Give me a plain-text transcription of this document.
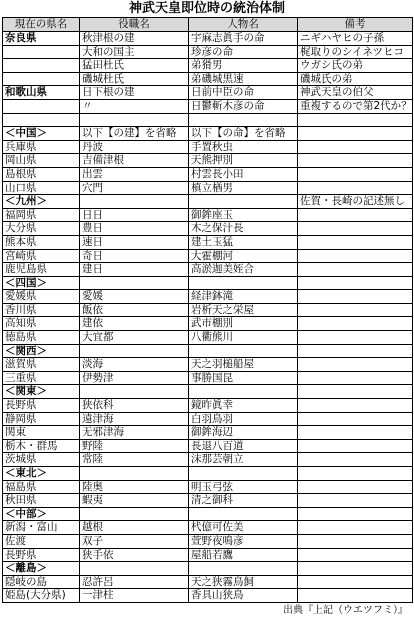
神武天皇即位時の統治体制
現在の県名	役職名	人物名	備考
奈良県	秋津根の建	宇麻志眞手の命	ニギハヤヒの子孫
	大和の国主	珍彦の命	梶取りのシイネツヒコ
	猛田杜氏	弟猾男	ウガシ氏の弟
	磯城杜氏	弟磯城黒速	磯城氏の弟
和歌山県	日下根の建	日前中臣の命	神武天皇の伯父
	〃	日鬱斬木彦の命	重複するので第2代か？

＜中国＞	以下【の建】を省略	以下【の命】を省略	
兵庫県	丹波	手置秋虫	
岡山県	吉備津根	天熊押別	
島根県	出雲	村雲長小田	
山口県	穴門	槙立楢男	
＜九州＞			佐賀・長崎の記述無し
福岡県	日日	御鉾座玉	
大分県	豊日	木之保汁長	
熊本県	速日	建土玉猛	
宮崎県	奇日	大霍棚河	
鹿児島県	建日	高淤迦美姪合	
＜四国＞			
愛媛県	愛媛	経津鉢滝	
香川県	飯依	岩析天之栄屋	
高知県	建依	武市棚別	
徳島県	大宜都	八衢熊川	
＜関西＞			
滋賀県	淡海	天之羽槌船屋	
三重県	伊勢津	事勝国昆	
＜関東＞			
長野県	狭依科	鏡昨眞幸	
静岡県	遠津海	白羽鳥羽	
関東	无邪津海	御鉾海辺	
栃木・群馬	野陸	長退八百道	
茨城県	常陸	沫那芸朝立	
＜東北＞			
福島県	陸奥	明玉弓弦	
秋田県	蝦夷	清之御科	
＜中部＞			
新潟・富山	越根	杙億可佐美	
佐渡	双子	萱野夜鳴彦	
長野県	狭手依	屋船若鷹	
＜離島＞			
隠岐の島	忍許呂	天之狭霧鳥飼	
姫島(大分県)	一津柱	香具山狭鳥	
出典『上記（ウエツフミ）』
